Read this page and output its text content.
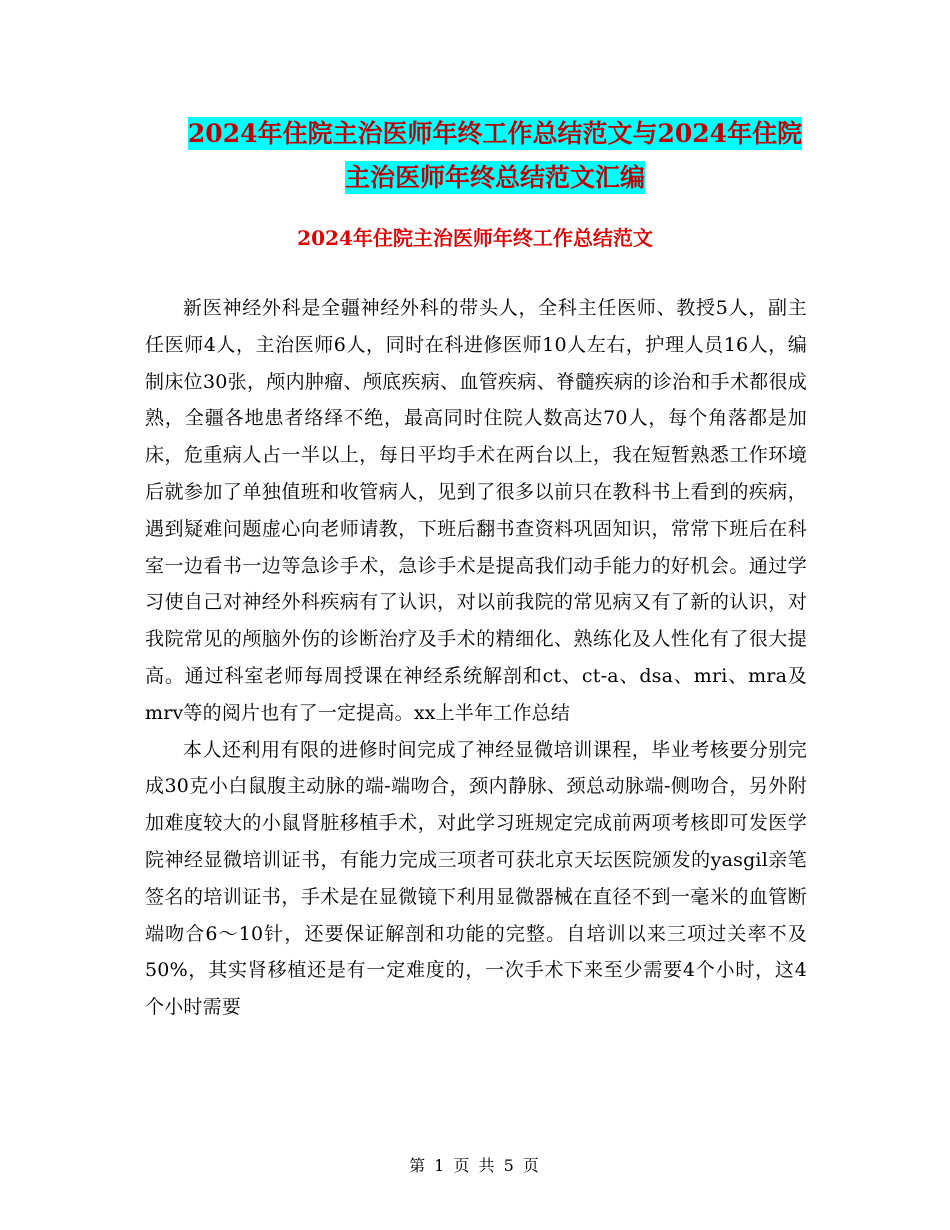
2024年住院主治医师年终工作总结范文与2024年住院
主治医师年终总结范文汇编
2024年住院主治医师年终工作总结范文

新医神经外科是全疆神经外科的带头人，全科主任医师、教授5人，副主任医师4人，主治医师6人，同时在科进修医师10人左右，护理人员16人，编制床位30张，颅内肿瘤、颅底疾病、血管疾病、脊髓疾病的诊治和手术都很成熟，全疆各地患者络绎不绝，最高同时住院人数高达70人，每个角落都是加床，危重病人占一半以上，每日平均手术在两台以上，我在短暂熟悉工作环境后就参加了单独值班和收管病人，见到了很多以前只在教科书上看到的疾病，遇到疑难问题虚心向老师请教，下班后翻书查资料巩固知识，常常下班后在科室一边看书一边等急诊手术，急诊手术是提高我们动手能力的好机会。通过学习使自己对神经外科疾病有了认识，对以前我院的常见病又有了新的认识，对我院常见的颅脑外伤的诊断治疗及手术的精细化、熟练化及人性化有了很大提高。通过科室老师每周授课在神经系统解剖和ct、ct-a、dsa、mri、mra及mrv等的阅片也有了一定提高。xx上半年工作总结

本人还利用有限的进修时间完成了神经显微培训课程，毕业考核要分别完成30克小白鼠腹主动脉的端-端吻合，颈内静脉、颈总动脉端-侧吻合，另外附加难度较大的小鼠肾脏移植手术，对此学习班规定完成前两项考核即可发医学院神经显微培训证书，有能力完成三项者可获北京天坛医院颁发的yasgil亲笔签名的培训证书，手术是在显微镜下利用显微器械在直径不到一毫米的血管断端吻合6～10针，还要保证解剖和功能的完整。自培训以来三项过关率不及50%，其实肾移植还是有一定难度的，一次手术下来至少需要4个小时，这4个小时需要

第 1 页 共 5 页
